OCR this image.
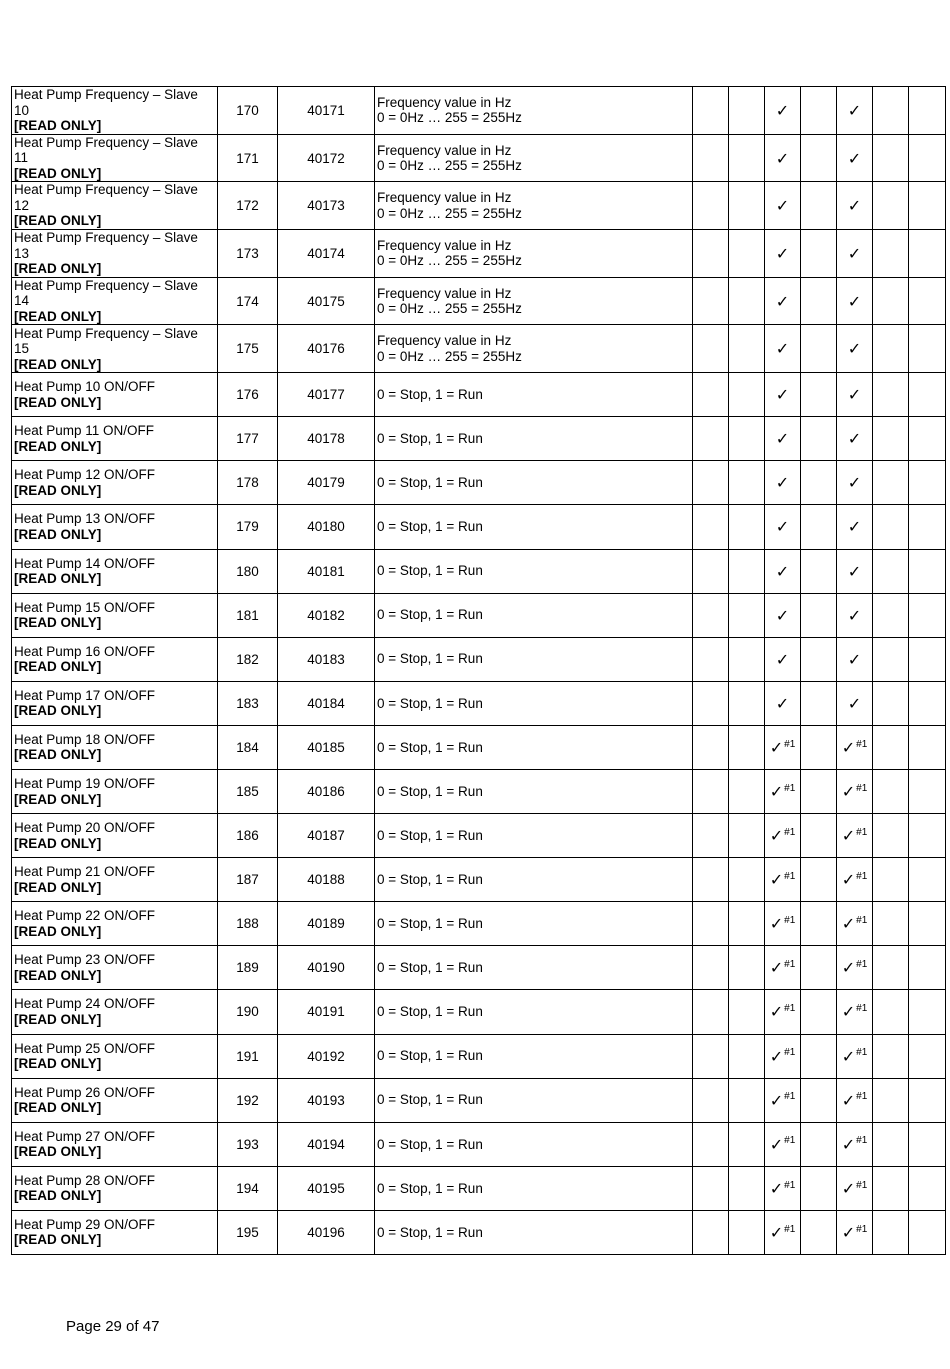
Heat Pump Frequency – Slave 10
[READ ONLY]	170	40171	Frequency value in Hz
0 = 0Hz … 255 = 255Hz			✓		✓		
Heat Pump Frequency – Slave 11
[READ ONLY]	171	40172	Frequency value in Hz
0 = 0Hz … 255 = 255Hz			✓		✓		
Heat Pump Frequency – Slave 12
[READ ONLY]	172	40173	Frequency value in Hz
0 = 0Hz … 255 = 255Hz			✓		✓		
Heat Pump Frequency – Slave 13
[READ ONLY]	173	40174	Frequency value in Hz
0 = 0Hz … 255 = 255Hz			✓		✓		
Heat Pump Frequency – Slave 14
[READ ONLY]	174	40175	Frequency value in Hz
0 = 0Hz … 255 = 255Hz			✓		✓		
Heat Pump Frequency – Slave 15
[READ ONLY]	175	40176	Frequency value in Hz
0 = 0Hz … 255 = 255Hz			✓		✓		
Heat Pump 10 ON/OFF
[READ ONLY]	176	40177	0 = Stop, 1 = Run			✓		✓		
Heat Pump 11 ON/OFF
[READ ONLY]	177	40178	0 = Stop, 1 = Run			✓		✓		
Heat Pump 12 ON/OFF
[READ ONLY]	178	40179	0 = Stop, 1 = Run			✓		✓		
Heat Pump 13 ON/OFF
[READ ONLY]	179	40180	0 = Stop, 1 = Run			✓		✓		
Heat Pump 14 ON/OFF
[READ ONLY]	180	40181	0 = Stop, 1 = Run			✓		✓		
Heat Pump 15 ON/OFF
[READ ONLY]	181	40182	0 = Stop, 1 = Run			✓		✓		
Heat Pump 16 ON/OFF
[READ ONLY]	182	40183	0 = Stop, 1 = Run			✓		✓		
Heat Pump 17 ON/OFF
[READ ONLY]	183	40184	0 = Stop, 1 = Run			✓		✓		
Heat Pump 18 ON/OFF
[READ ONLY]	184	40185	0 = Stop, 1 = Run			✓$^{\#1}$		✓$^{\#1}$		
Heat Pump 19 ON/OFF
[READ ONLY]	185	40186	0 = Stop, 1 = Run			✓$^{\#1}$		✓$^{\#1}$		
Heat Pump 20 ON/OFF
[READ ONLY]	186	40187	0 = Stop, 1 = Run			✓$^{\#1}$		✓$^{\#1}$		
Heat Pump 21 ON/OFF
[READ ONLY]	187	40188	0 = Stop, 1 = Run			✓$^{\#1}$		✓$^{\#1}$		
Heat Pump 22 ON/OFF
[READ ONLY]	188	40189	0 = Stop, 1 = Run			✓$^{\#1}$		✓$^{\#1}$		
Heat Pump 23 ON/OFF
[READ ONLY]	189	40190	0 = Stop, 1 = Run			✓$^{\#1}$		✓$^{\#1}$		
Heat Pump 24 ON/OFF
[READ ONLY]	190	40191	0 = Stop, 1 = Run			✓$^{\#1}$		✓$^{\#1}$		
Heat Pump 25 ON/OFF
[READ ONLY]	191	40192	0 = Stop, 1 = Run			✓$^{\#1}$		✓$^{\#1}$		
Heat Pump 26 ON/OFF
[READ ONLY]	192	40193	0 = Stop, 1 = Run			✓$^{\#1}$		✓$^{\#1}$		
Heat Pump 27 ON/OFF
[READ ONLY]	193	40194	0 = Stop, 1 = Run			✓$^{\#1}$		✓$^{\#1}$		
Heat Pump 28 ON/OFF
[READ ONLY]	194	40195	0 = Stop, 1 = Run			✓$^{\#1}$		✓$^{\#1}$		
Heat Pump 29 ON/OFF
[READ ONLY]	195	40196	0 = Stop, 1 = Run			✓$^{\#1}$		✓$^{\#1}$		
Page 29 of 47
